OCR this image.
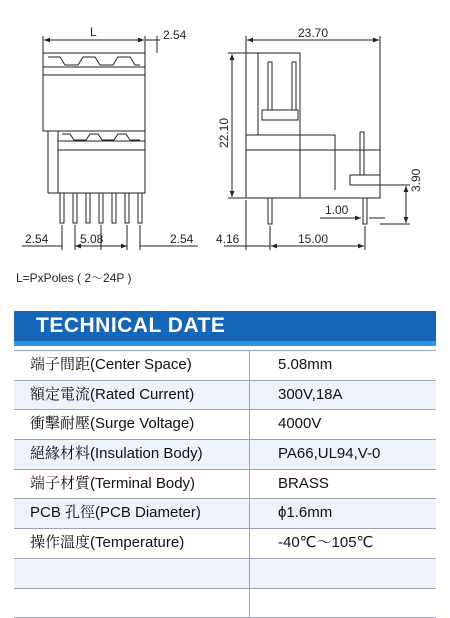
L	2.54
2.54	5.08	2.54
23.70
22.10
3.90
1.00
4.16	15.00
L=PxPoles ( 2～24P )
TECHNICAL DATE
端子間距(Center Space)	5.08mm
額定電流(Rated Current)	300V,18A
衝擊耐壓(Surge Voltage)	4000V
絕緣材料(Insulation Body)	PA66,UL94,V-0
端子材質(Terminal Body)	BRASS
PCB 孔徑(PCB Diameter)	ϕ1.6mm
操作溫度(Temperature)	-40℃～105℃
